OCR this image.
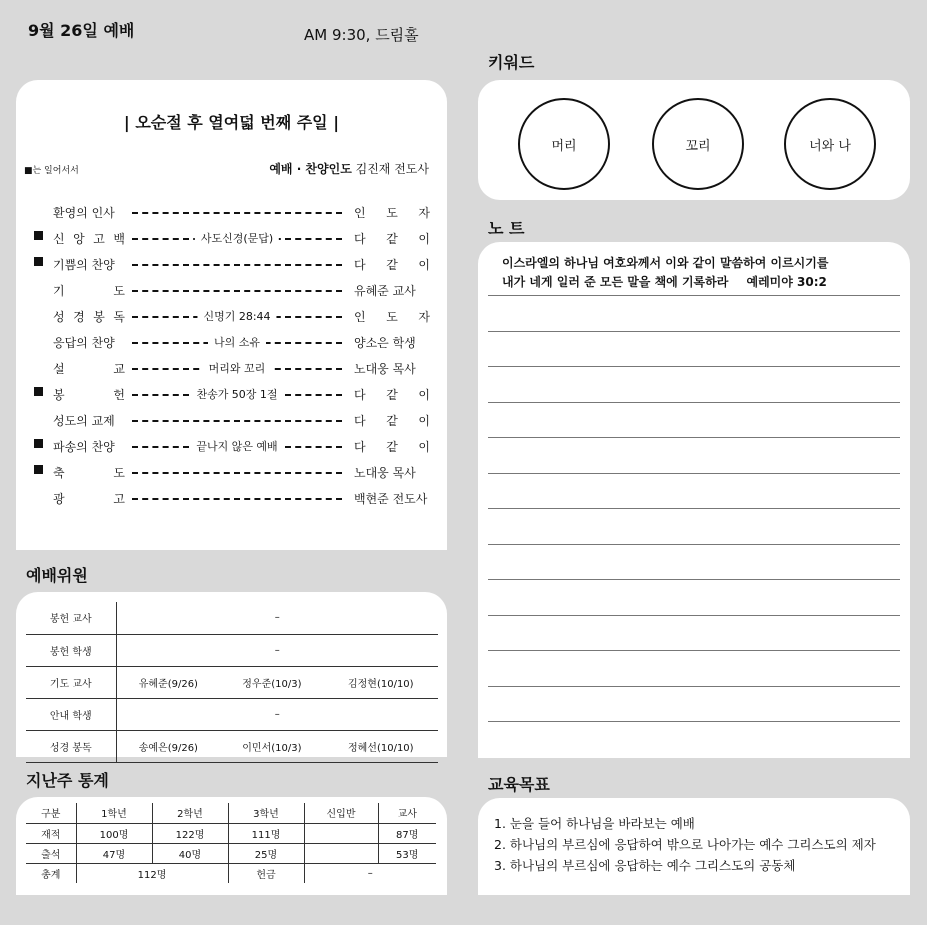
9월 26일 예배	AM 9:30, 드림홀
| 오순절 후 열여덟 번째 주일 |
■는 일어서서	예배 · 찬양인도 김진재 전도사
환영의 인사	인 도 자
신 앙 고 백	사도신경(문답)	다 같 이
기쁨의 찬양	다 같 이
기	도	유혜준 교사
성 경 봉 독	신명기 28:44	인 도 자
응답의 찬양	나의 소유	양소은 학생
설	교	머리와 꼬리	노대웅 목사
봉	헌	찬송가 50장 1절	다 같 이
성도의 교제	다 같 이
파송의 찬양	끝나지 않은 예배	다 같 이
축	도	노대웅 목사
광	고	백현준 전도사
예배위원
봉헌 교사	–		
봉헌 학생	–		
기도 교사	유혜준(9/26)	정우준(10/3)	김정현(10/10)
안내 학생	–		
성경 봉독	송예은(9/26)	이민서(10/3)	정혜선(10/10)
지난주 통계
구분	1학년	2학년	3학년	신입반	교사
재적	100명	122명	111명		87명
출석	47명	40명	25명		53명
총계	112명		헌금	–	
키워드
머리	꼬리	너와 나
노 트
이스라엘의 하나님 여호와께서 이와 같이 말씀하여 이르시기를
내가 네게 일러 준 모든 말을 책에 기록하라 예레미야 30:2
교육목표
1. 눈을 들어 하나님을 바라보는 예배
2. 하나님의 부르심에 응답하여 밖으로 나아가는 예수 그리스도의 제자
3. 하나님의 부르심에 응답하는 예수 그리스도의 공동체
